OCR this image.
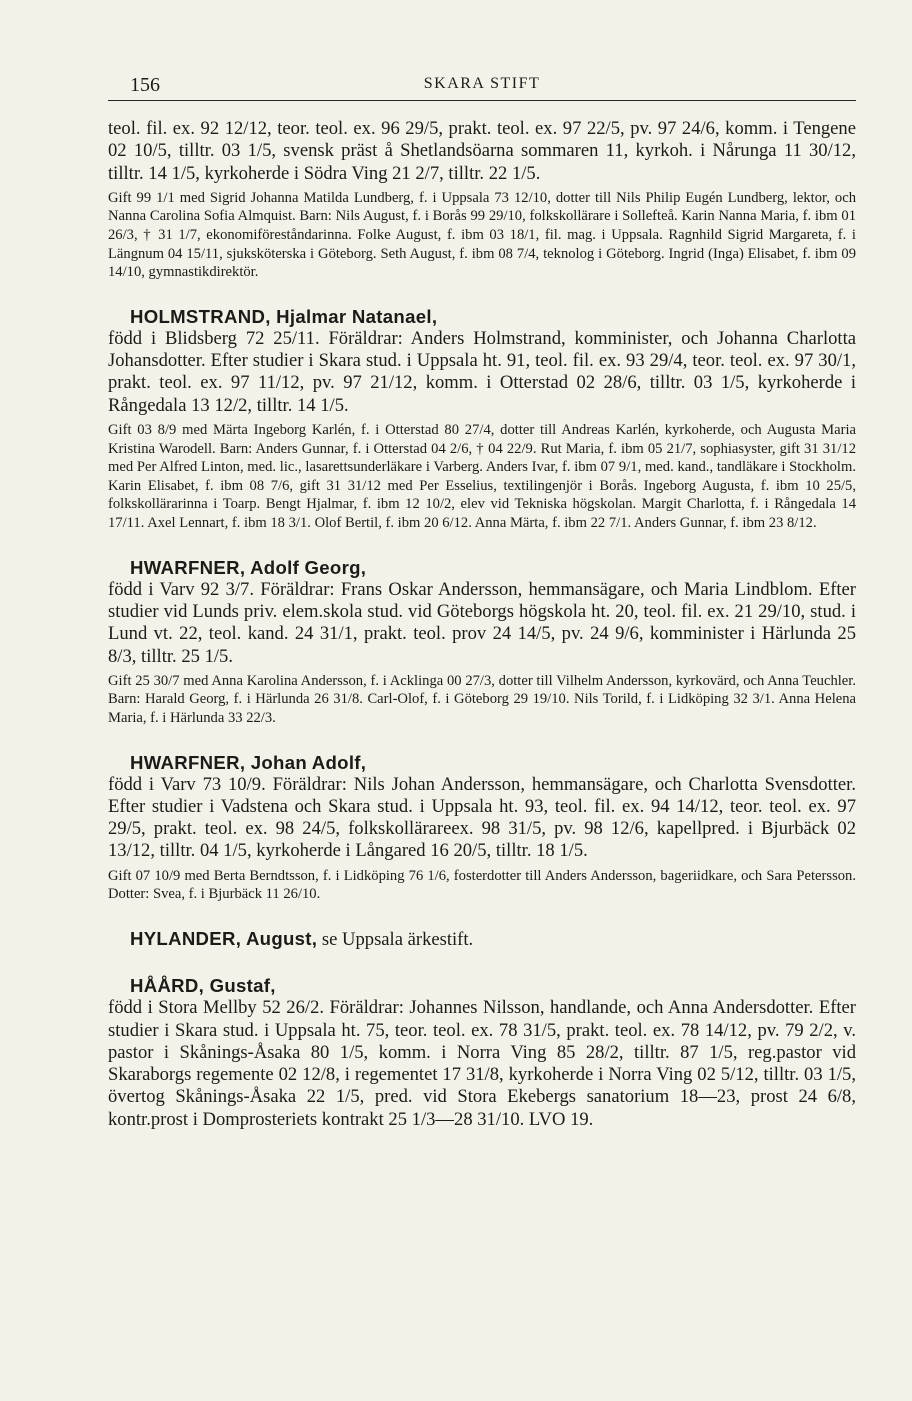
156	SKARA STIFT

teol. fil. ex. 92 12/12, teor. teol. ex. 96 29/5, prakt. teol. ex. 97 22/5, pv. 97 24/6, komm. i Tengene 02 10/5, tilltr. 03 1/5, svensk präst å Shetlandsöarna sommaren 11, kyrkoh. i Nårunga 11 30/12, tilltr. 14 1/5, kyrkoherde i Södra Ving 21 2/7, tilltr. 22 1/5.

Gift 99 1/1 med Sigrid Johanna Matilda Lundberg, f. i Uppsala 73 12/10, dotter till Nils Philip Eugén Lundberg, lektor, och Nanna Carolina Sofia Almquist. Barn: Nils August, f. i Borås 99 29/10, folkskollärare i Sollefteå. Karin Nanna Maria, f. ibm 01 26/3, † 31 1/7, ekonomiföreståndarinna. Folke August, f. ibm 03 18/1, fil. mag. i Uppsala. Ragnhild Sigrid Margareta, f. i Längnum 04 15/11, sjuksköterska i Göteborg. Seth August, f. ibm 08 7/4, teknolog i Göteborg. Ingrid (Inga) Elisabet, f. ibm 09 14/10, gymnastikdirektör.

HOLMSTRAND, Hjalmar Natanael,

född i Blidsberg 72 25/11. Föräldrar: Anders Holmstrand, komminister, och Johanna Charlotta Johansdotter. Efter studier i Skara stud. i Uppsala ht. 91, teol. fil. ex. 93 29/4, teor. teol. ex. 97 30/1, prakt. teol. ex. 97 11/12, pv. 97 21/12, komm. i Otterstad 02 28/6, tilltr. 03 1/5, kyrkoherde i Rångedala 13 12/2, tilltr. 14 1/5.

Gift 03 8/9 med Märta Ingeborg Karlén, f. i Otterstad 80 27/4, dotter till Andreas Karlén, kyrkoherde, och Augusta Maria Kristina Warodell. Barn: Anders Gunnar, f. i Otterstad 04 2/6, † 04 22/9. Rut Maria, f. ibm 05 21/7, sophiasyster, gift 31 31/12 med Per Alfred Linton, med. lic., lasarettsunderläkare i Varberg. Anders Ivar, f. ibm 07 9/1, med. kand., tandläkare i Stockholm. Karin Elisabet, f. ibm 08 7/6, gift 31 31/12 med Per Esselius, textilingenjör i Borås. Ingeborg Augusta, f. ibm 10 25/5, folkskollärarinna i Toarp. Bengt Hjalmar, f. ibm 12 10/2, elev vid Tekniska högskolan. Margit Charlotta, f. i Rångedala 14 17/11. Axel Lennart, f. ibm 18 3/1. Olof Bertil, f. ibm 20 6/12. Anna Märta, f. ibm 22 7/1. Anders Gunnar, f. ibm 23 8/12.

HWARFNER, Adolf Georg,

född i Varv 92 3/7. Föräldrar: Frans Oskar Andersson, hemmansägare, och Maria Lindblom. Efter studier vid Lunds priv. elem.skola stud. vid Göteborgs högskola ht. 20, teol. fil. ex. 21 29/10, stud. i Lund vt. 22, teol. kand. 24 31/1, prakt. teol. prov 24 14/5, pv. 24 9/6, komminister i Härlunda 25 8/3, tilltr. 25 1/5.

Gift 25 30/7 med Anna Karolina Andersson, f. i Acklinga 00 27/3, dotter till Vilhelm Andersson, kyrkovärd, och Anna Teuchler. Barn: Harald Georg, f. i Härlunda 26 31/8. Carl-Olof, f. i Göteborg 29 19/10. Nils Torild, f. i Lidköping 32 3/1. Anna Helena Maria, f. i Härlunda 33 22/3.

HWARFNER, Johan Adolf,

född i Varv 73 10/9. Föräldrar: Nils Johan Andersson, hemmansägare, och Charlotta Svensdotter. Efter studier i Vadstena och Skara stud. i Uppsala ht. 93, teol. fil. ex. 94 14/12, teor. teol. ex. 97 29/5, prakt. teol. ex. 98 24/5, folkskollärareex. 98 31/5, pv. 98 12/6, kapellpred. i Bjurbäck 02 13/12, tilltr. 04 1/5, kyrkoherde i Långared 16 20/5, tilltr. 18 1/5.

Gift 07 10/9 med Berta Berndtsson, f. i Lidköping 76 1/6, fosterdotter till Anders Andersson, bageriidkare, och Sara Petersson. Dotter: Svea, f. i Bjurbäck 11 26/10.

HYLANDER, August, se Uppsala ärkestift.

HÅÅRD, Gustaf,

född i Stora Mellby 52 26/2. Föräldrar: Johannes Nilsson, handlande, och Anna Andersdotter. Efter studier i Skara stud. i Uppsala ht. 75, teor. teol. ex. 78 31/5, prakt. teol. ex. 78 14/12, pv. 79 2/2, v. pastor i Skånings-Åsaka 80 1/5, komm. i Norra Ving 85 28/2, tilltr. 87 1/5, reg.pastor vid Skaraborgs regemente 02 12/8, i regementet 17 31/8, kyrkoherde i Norra Ving 02 5/12, tilltr. 03 1/5, övertog Skånings-Åsaka 22 1/5, pred. vid Stora Ekebergs sanatorium 18—23, prost 24 6/8, kontr.prost i Domprosteriets kontrakt 25 1/3—28 31/10. LVO 19.
